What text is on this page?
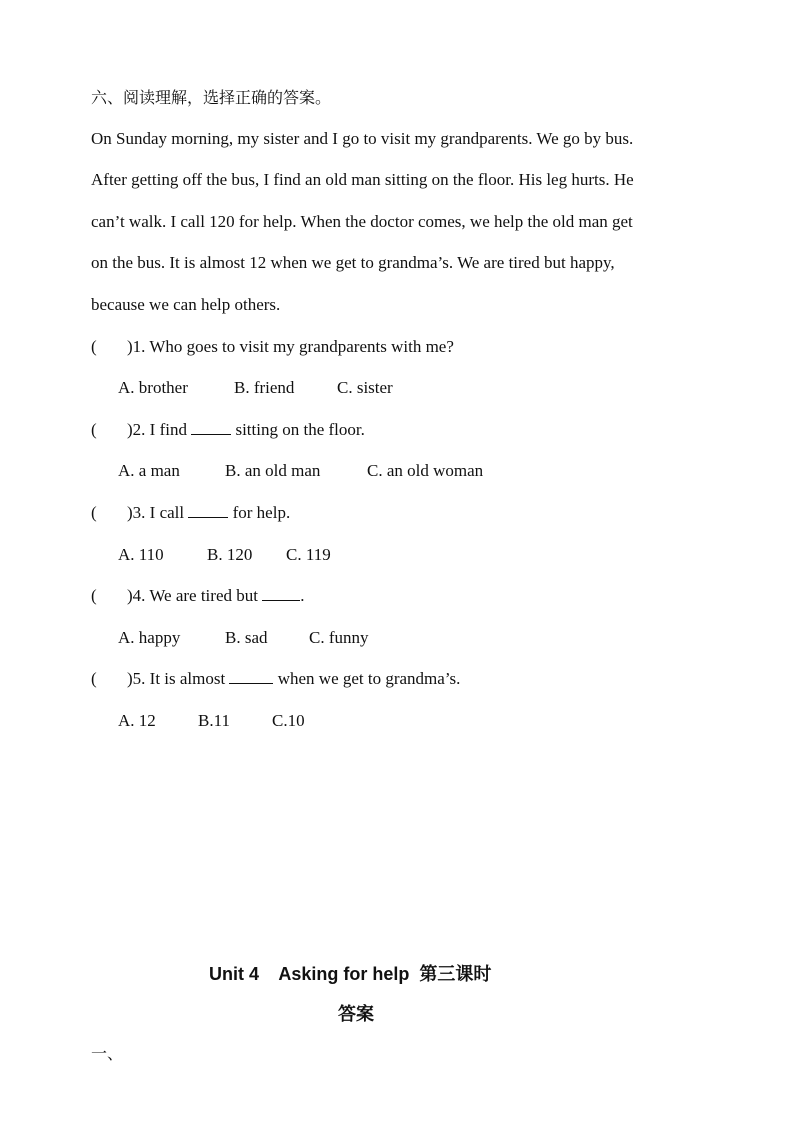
六、阅读理解，选择正确的答案。
On Sunday morning, my sister and I go to visit my grandparents. We go by bus.
After getting off the bus, I find an old man sitting on the floor. His leg hurts. He
can’t walk. I call 120 for help. When the doctor comes, we help the old man get
on the bus. It is almost 12 when we get to grandma’s. We are tired but happy,
because we can help others.
( )1. Who goes to visit my grandparents with me?
A. brother	B. friend	C. sister
( )2. I find  sitting on the floor.
A. a man	B. an old man	C. an old woman
( )3. I call  for help.
A. 110	B. 120 C. 119
( )4. We are tired but .
A. happy	B. sad C. funny
( )5. It is almost	when we get to grandma’s.
A. 12 B.11 C.10
Unit 4    Asking for help 第三课时
答案
一、
